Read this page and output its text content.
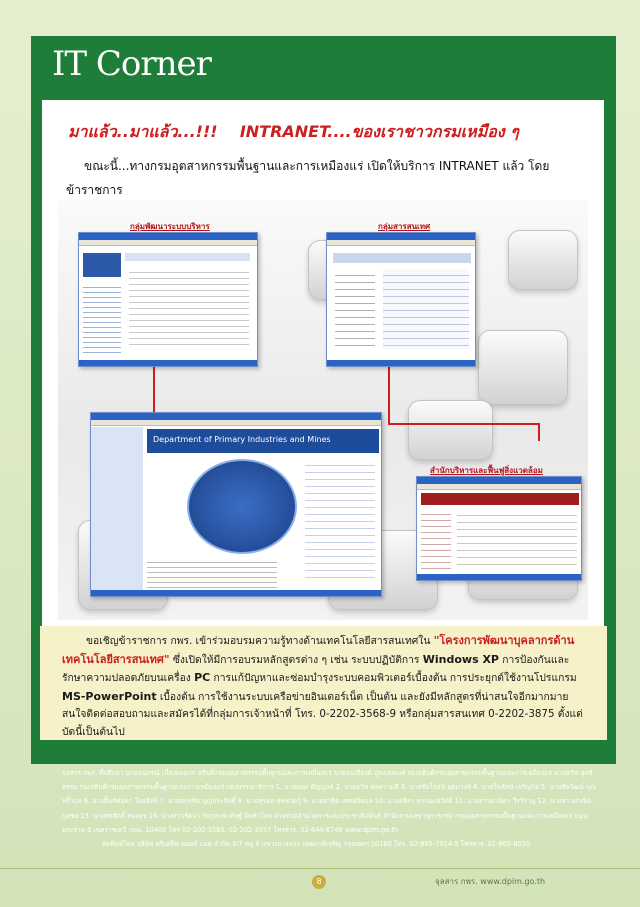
IT Corner
มาแล้ว..มาแล้ว...!!!    INTRANET....ของเราชาวกรมเหมือง ๆ
ขณะนี้...ทางกรมอุตสาหกรรมพื้นฐานและการเหมืองแร่ เปิดให้บริการ INTRANET แล้ว โดยข้าราชการ

กลุ่มพัฒนาระบบบริหาร	กลุ่มสารสนเทศ
สำนักบริหารและฟื้นฟูสิ่งแวดล้อม
Department of Primary Industries and Mines
ขอเชิญข้าราชการ กพร. เข้าร่วมอบรมความรู้ทางด้านเทคโนโลยีสารสนเทศใน "โครงการพัฒนาบุคลากรด้านเทคโนโลยีสารสนเทศ" ซึ่งเปิดให้มีการอบรมหลักสูตรต่าง ๆ เช่น ระบบปฏิบัติการ Windows XP การป้องกันและรักษาความปลอดภัยบนเครื่อง PC การแก้ปัญหาและซ่อมบำรุงระบบคอมพิวเตอร์เบื้องต้น การประยุกต์ใช้งานโปรแกรม MS-PowerPoint เบื้องต้น การใช้งานระบบเครือข่ายอินเตอร์เน็ต เป็นต้น และยังมีหลักสูตรที่น่าสนใจอีกมากมาย สนใจติดต่อสอบถามและสมัครได้ที่กลุ่มการเจ้าหน้าที่ โทร. 0-2202-3568-9 หรือกลุ่มสารสนเทศ 0-2202-3875 ตั้งแต่บัดนี้เป็นต้นไป
จุลสาร กพร. ที่ปรึกษา นายอนุสรณ์ เนื่องผลมาก อธิบดีกรมอุตสาหกรรมพื้นฐานและการเหมืองแร่ นายสมเกียรติ อู่สงวนพงศ์ รองอธิบดีกรมอุตสาหกรรมพื้นฐานและการเหมืองแร่ นายธวัช สุทธิธรรม รองอธิบดีกรมอุตสาหกรรมพื้นฐานและการเหมืองแร่ กองบรรณาธิการ 1. นายยอด ตัญญงค์ 2. นายธวัช ผลความดี 3. นายชัยโรจน์ อุดมวงษ์ 4. นายไพรัตน์ เจริญกิจ 5. นายชัยวัฒน์ กุณพริ้วกุล 6. นางสิ้นทัศอุดา ใจยสิงห์ 7. นายสกุลชัย บุญประสิทธิ์ 8. นายสุรพล สุขช่วยกู้ 9. นายสาธิต เทศสถิตกุล 10. นางสลิลา ธรรมแสวัสดิ์ 11. นางสาวมานิดา วีรวิรานุ 12. นางสาวมาณิต กุลชย 13. นายสรศักดิ์ สมเพช 14. นางสาวรัตนา ปัยกุลประดิษฐ์ จัดทำโดย ฝ่ายช่วยอำนวยการและประชาสัมพันธ์ สำนักงานเลขานุการกรม กรมอุตสาหกรรมพื้นฐานและการเหมืองแร่ ถนนพระราม 6 เขตราชเทวี กทม. 10400 โทร 02-202-3565, 02-202-3557 โทรสาร. 02-644-8746 www.dpim.go.th
จัดพิมพ์โดย บริษัท ครีเอทีฟ พอยท์ แอด จำกัด 3/7 หมู่ 8 แขวงบางแวก เขตภาษีเจริญ กรุงเทพฯ 10160 โทร. 02-865-7014-5 โทรสาร. 02-865-8050
8	จุลสาร กพร. www.dpim.go.th
